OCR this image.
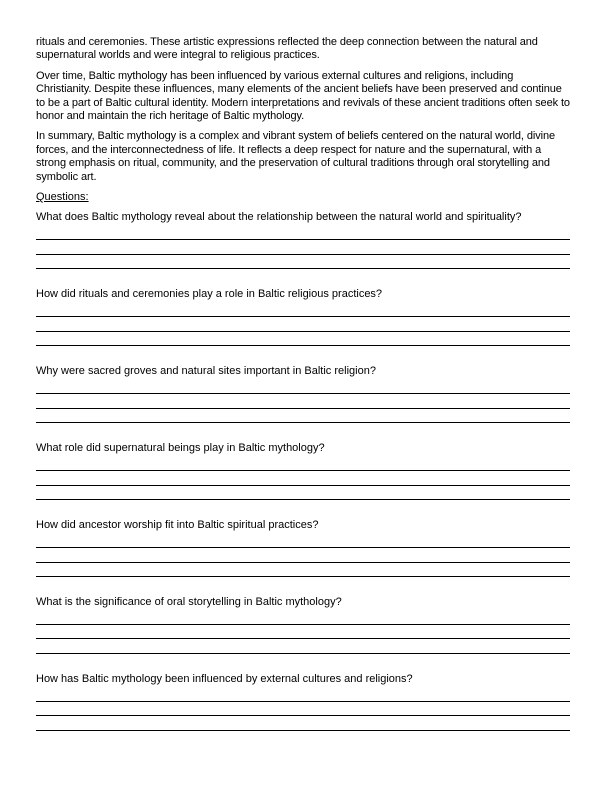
rituals and ceremonies. These artistic expressions reflected the deep connection between the natural and supernatural worlds and were integral to religious practices.

Over time, Baltic mythology has been influenced by various external cultures and religions, including Christianity. Despite these influences, many elements of the ancient beliefs have been preserved and continue to be a part of Baltic cultural identity. Modern interpretations and revivals of these ancient traditions often seek to honor and maintain the rich heritage of Baltic mythology.

In summary, Baltic mythology is a complex and vibrant system of beliefs centered on the natural world, divine forces, and the interconnectedness of life. It reflects a deep respect for nature and the supernatural, with a strong emphasis on ritual, community, and the preservation of cultural traditions through oral storytelling and symbolic art.

Questions:

What does Baltic mythology reveal about the relationship between the natural world and spirituality?

How did rituals and ceremonies play a role in Baltic religious practices?

Why were sacred groves and natural sites important in Baltic religion?

What role did supernatural beings play in Baltic mythology?

How did ancestor worship fit into Baltic spiritual practices?

What is the significance of oral storytelling in Baltic mythology?

How has Baltic mythology been influenced by external cultures and religions?
